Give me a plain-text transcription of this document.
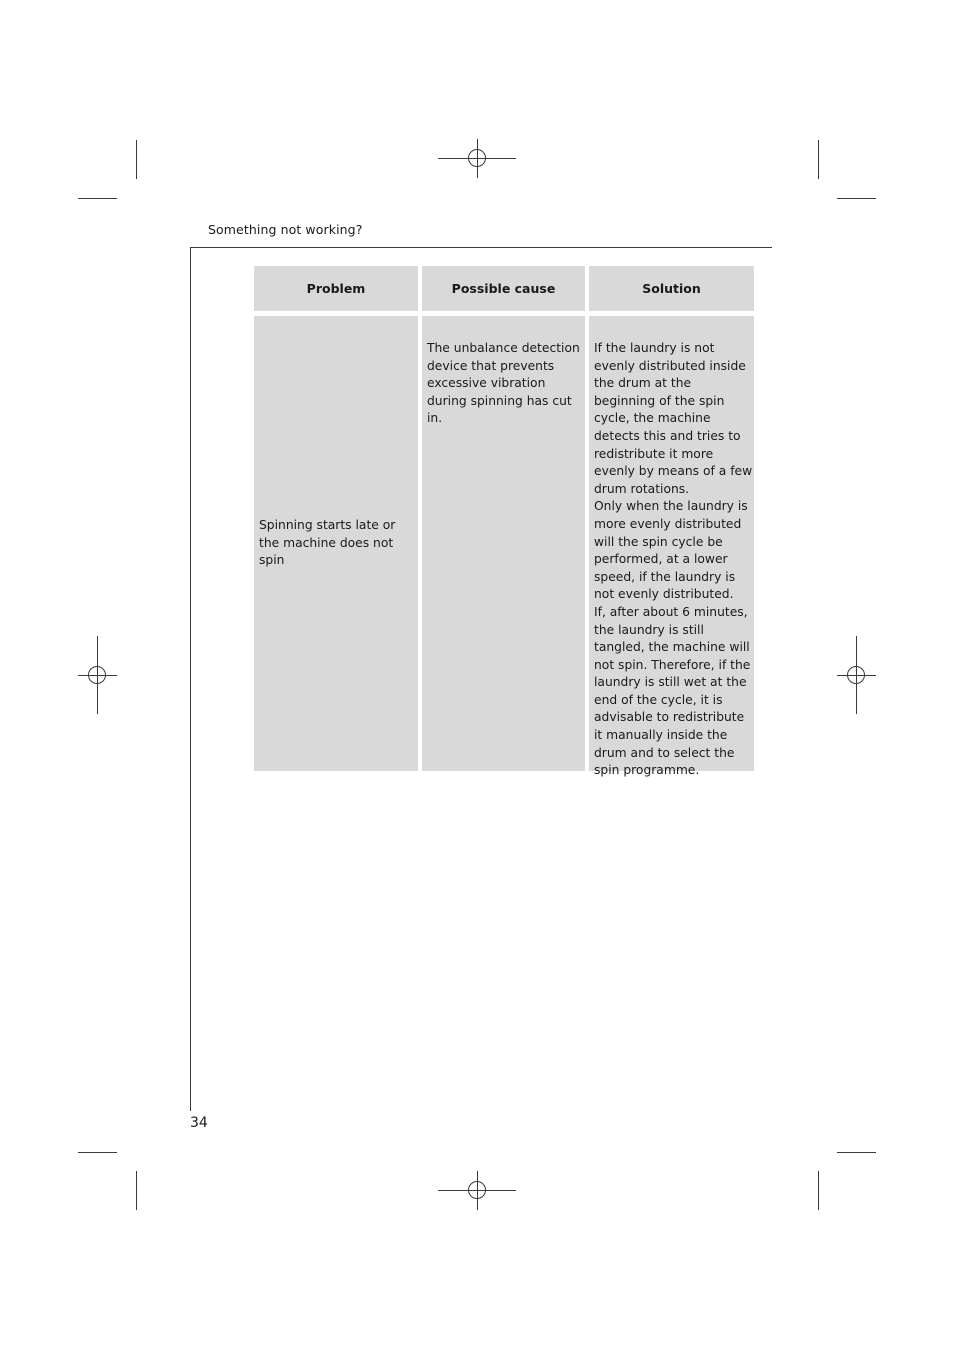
Something not working?
Problem	Possible cause	Solution
Spinning starts late or the machine does not spin
The unbalance detection device that prevents excessive vibration during spinning has cut in.

If the laundry is not evenly distributed inside the drum at the beginning of the spin cycle, the machine detects this and tries to redistribute it more evenly by means of a few drum rotations.

Only when the laundry is more evenly distributed will the spin cycle be performed, at a lower speed, if the laundry is not evenly distributed.

If, after about 6 minutes, the laundry is still tangled, the machine will not spin. Therefore, if the laundry is still wet at the end of the cycle, it is advisable to redistribute it manually inside the drum and to select the spin programme.

34
